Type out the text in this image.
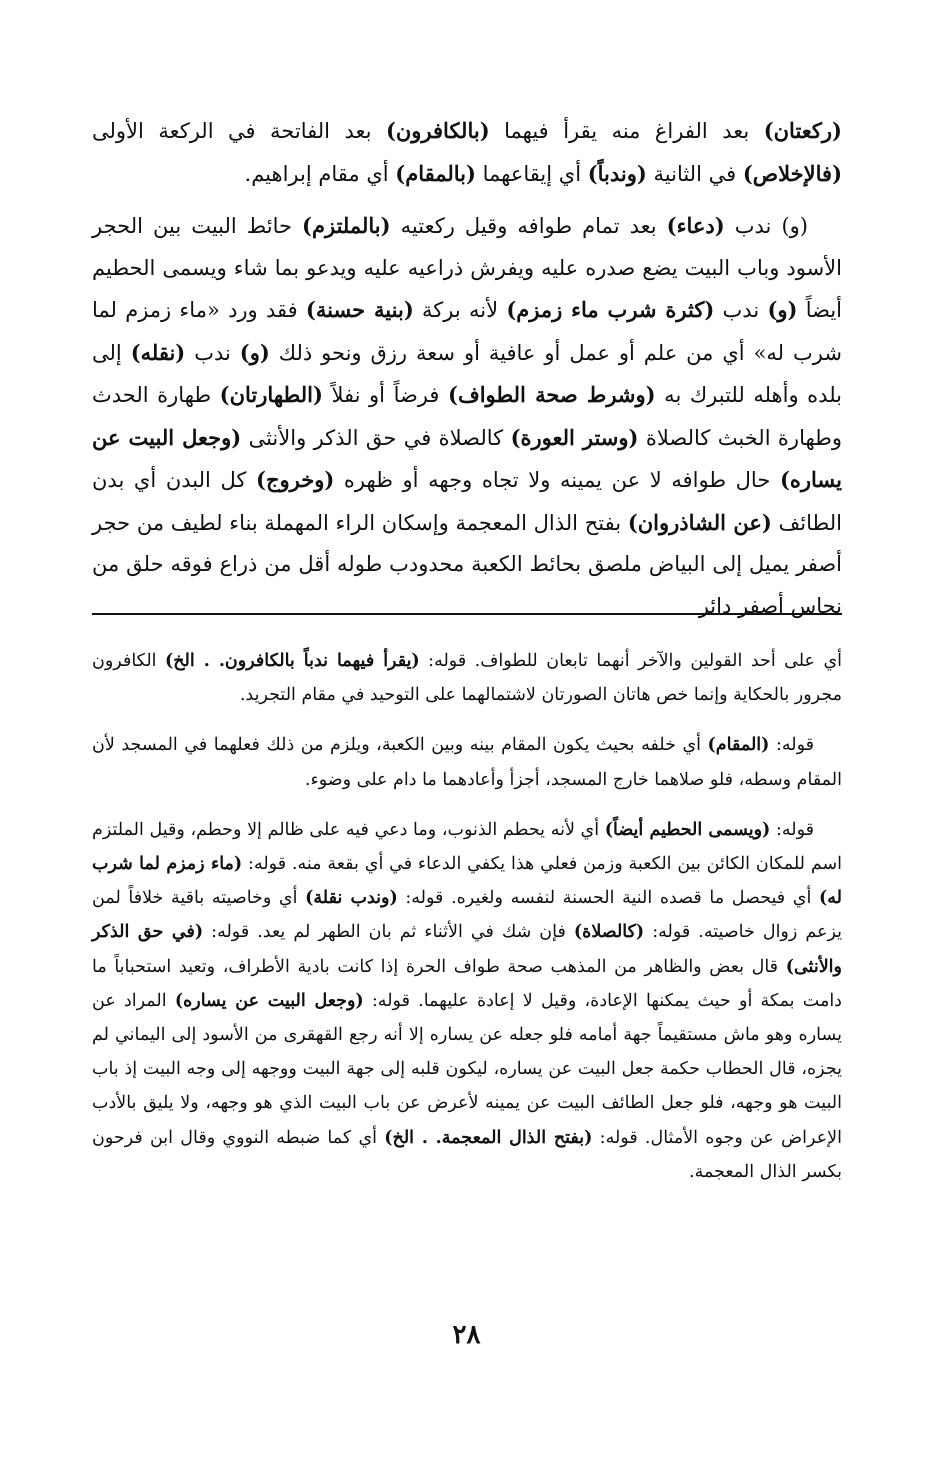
(ركعتان) بعد الفراغ منه يقرأ فيهما (بالكافرون) بعد الفاتحة في الركعة الأولى (فالإخلاص) في الثانية (وندباً) أي إيقاعهما (بالمقام) أي مقام إبراهيم.

(و) ندب (دعاء) بعد تمام طوافه وقيل ركعتيه (بالملتزم) حائط البيت بين الحجر الأسود وباب البيت يضع صدره عليه ويفرش ذراعيه عليه ويدعو بما شاء ويسمى الحطيم أيضاً (و) ندب (كثرة شرب ماء زمزم) لأنه بركة (بنية حسنة) فقد ورد «ماء زمزم لما شرب له» أي من علم أو عمل أو عافية أو سعة رزق ونحو ذلك (و) ندب (نقله) إلى بلده وأهله للتبرك به (وشرط صحة الطواف) فرضاً أو نفلاً (الطهارتان) طهارة الحدث وطهارة الخبث كالصلاة (وستر العورة) كالصلاة في حق الذكر والأنثى (وجعل البيت عن يساره) حال طوافه لا عن يمينه ولا تجاه وجهه أو ظهره (وخروج) كل البدن أي بدن الطائف (عن الشاذروان) بفتح الذال المعجمة وإسكان الراء المهملة بناء لطيف من حجر أصفر يميل إلى البياض ملصق بحائط الكعبة محدودب طوله أقل من ذراع فوقه حلق من نحاس أصفر دائر

أي على أحد القولين والآخر أنهما تابعان للطواف. قوله: (يقرأ فيهما ندباً بالكافرون. . الخ) الكافرون مجرور بالحكاية وإنما خص هاتان الصورتان لاشتمالهما على التوحيد في مقام التجريد.

قوله: (المقام) أي خلفه بحيث يكون المقام بينه وبين الكعبة، ويلزم من ذلك فعلهما في المسجد لأن المقام وسطه، فلو صلاهما خارج المسجد، أجزأ وأعادهما ما دام على وضوء.

قوله: (ويسمى الحطيم أيضاً) أي لأنه يحطم الذنوب، وما دعي فيه على ظالم إلا وحطم، وقيل الملتزم اسم للمكان الكائن بين الكعبة وزمن فعلي هذا يكفي الدعاء في أي بقعة منه. قوله: (ماء زمزم لما شرب له) أي فيحصل ما قصده النية الحسنة لنفسه ولغيره. قوله: (وندب نقلة) أي وخاصيته باقية خلافاً لمن يزعم زوال خاصيته. قوله: (كالصلاة) فإن شك في الأثناء ثم بان الطهر لم يعد. قوله: (في حق الذكر والأنثى) قال بعض والظاهر من المذهب صحة طواف الحرة إذا كانت بادية الأطراف، وتعيد استحباباً ما دامت بمكة أو حيث يمكنها الإعادة، وقيل لا إعادة عليهما. قوله: (وجعل البيت عن يساره) المراد عن يساره وهو ماش مستقيماً جهة أمامه فلو جعله عن يساره إلا أنه رجع القهقرى من الأسود إلى اليماني لم يجزه، قال الحطاب حكمة جعل البيت عن يساره، ليكون قلبه إلى جهة البيت ووجهه إلى وجه البيت إذ باب البيت هو وجهه، فلو جعل الطائف البيت عن يمينه لأعرض عن باب البيت الذي هو وجهه، ولا يليق بالأدب الإعراض عن وجوه الأمثال. قوله: (بفتح الذال المعجمة. . الخ) أي كما ضبطه النووي وقال ابن فرحون بكسر الذال المعجمة.

٢٨
